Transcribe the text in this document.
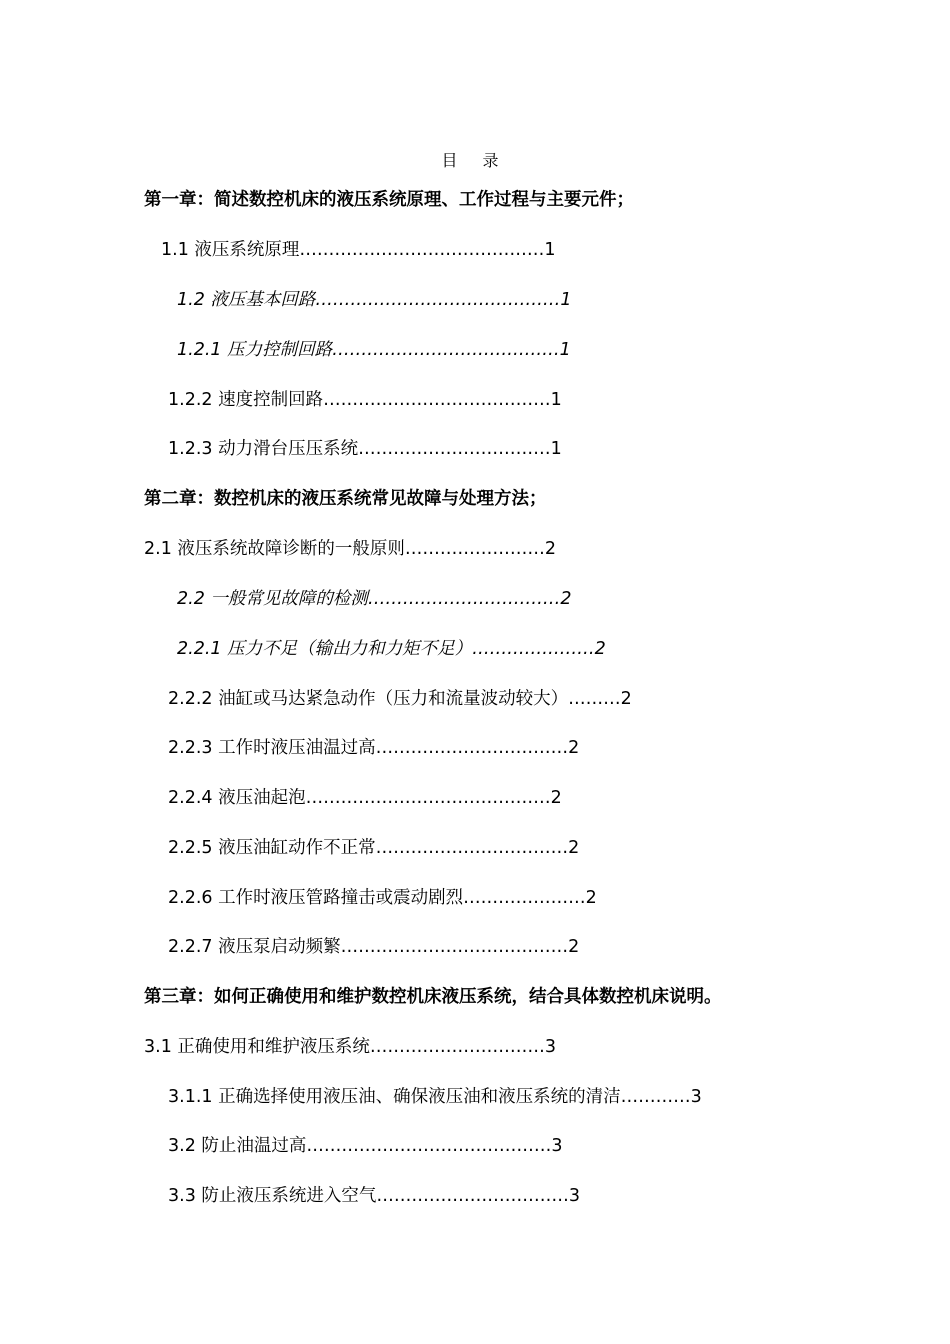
目 录
第一章：简述数控机床的液压系统原理、工作过程与主要元件；
1.1 液压系统原理……………………………………1
1.2 液压基本回路……………………………………1
1.2.1 压力控制回路…………………………………1
1.2.2 速度控制回路…………………………………1
1.2.3 动力滑台压压系统……………………………1
第二章：数控机床的液压系统常见故障与处理方法；
2.1 液压系统故障诊断的一般原则……………………2
2.2 一般常见故障的检测……………………………2
2.2.1 压力不足（输出力和力矩不足）…………………2
2.2.2 油缸或马达紧急动作（压力和流量波动较大）………2
2.2.3 工作时液压油温过高……………………………2
2.2.4 液压油起泡……………………………………2
2.2.5 液压油缸动作不正常……………………………2
2.2.6 工作时液压管路撞击或震动剧烈…………………2
2.2.7 液压泵启动频繁…………………………………2
第三章：如何正确使用和维护数控机床液压系统，结合具体数控机床说明。
3.1 正确使用和维护液压系统…………………………3
3.1.1 正确选择使用液压油、确保液压油和液压系统的清洁…………3
3.2 防止油温过高……………………………………3
3.3 防止液压系统进入空气……………………………3
